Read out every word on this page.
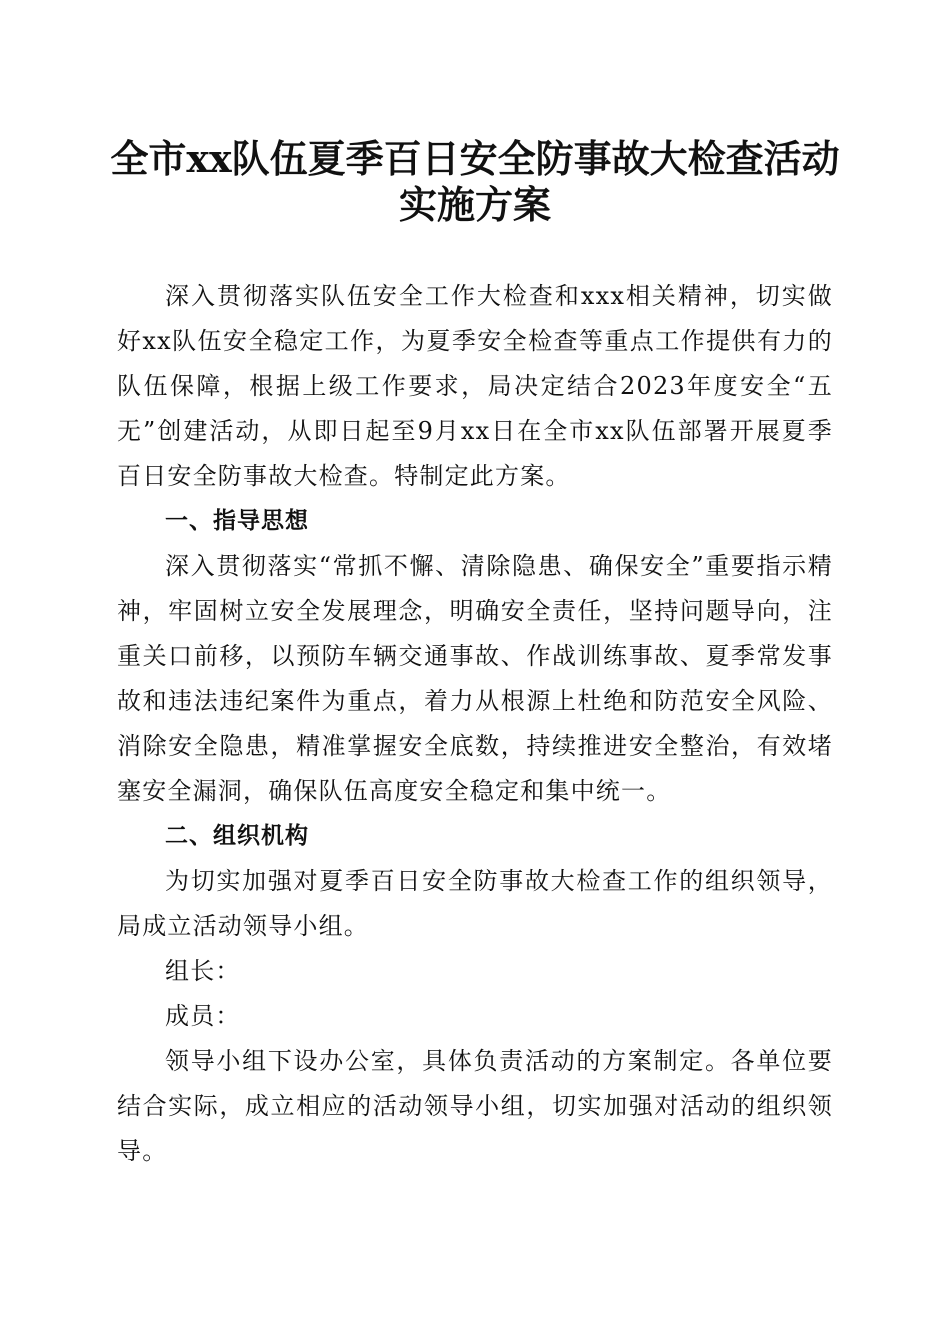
全市xx队伍夏季百日安全防事故大检查活动
实施方案

深入贯彻落实队伍安全工作大检查和xxx相关精神，切实做好xx队伍安全稳定工作，为夏季安全检查等重点工作提供有力的队伍保障，根据上级工作要求，局决定结合2023年度安全“五无”创建活动，从即日起至9月xx日在全市xx队伍部署开展夏季百日安全防事故大检查。特制定此方案。

一、指导思想

深入贯彻落实“常抓不懈、清除隐患、确保安全”重要指示精神，牢固树立安全发展理念，明确安全责任，坚持问题导向，注重关口前移，以预防车辆交通事故、作战训练事故、夏季常发事故和违法违纪案件为重点，着力从根源上杜绝和防范安全风险、消除安全隐患，精准掌握安全底数，持续推进安全整治，有效堵塞安全漏洞，确保队伍高度安全稳定和集中统一。

二、组织机构

为切实加强对夏季百日安全防事故大检查工作的组织领导，局成立活动领导小组。

组长：

成员：

领导小组下设办公室，具体负责活动的方案制定。各单位要结合实际，成立相应的活动领导小组，切实加强对活动的组织领导。
